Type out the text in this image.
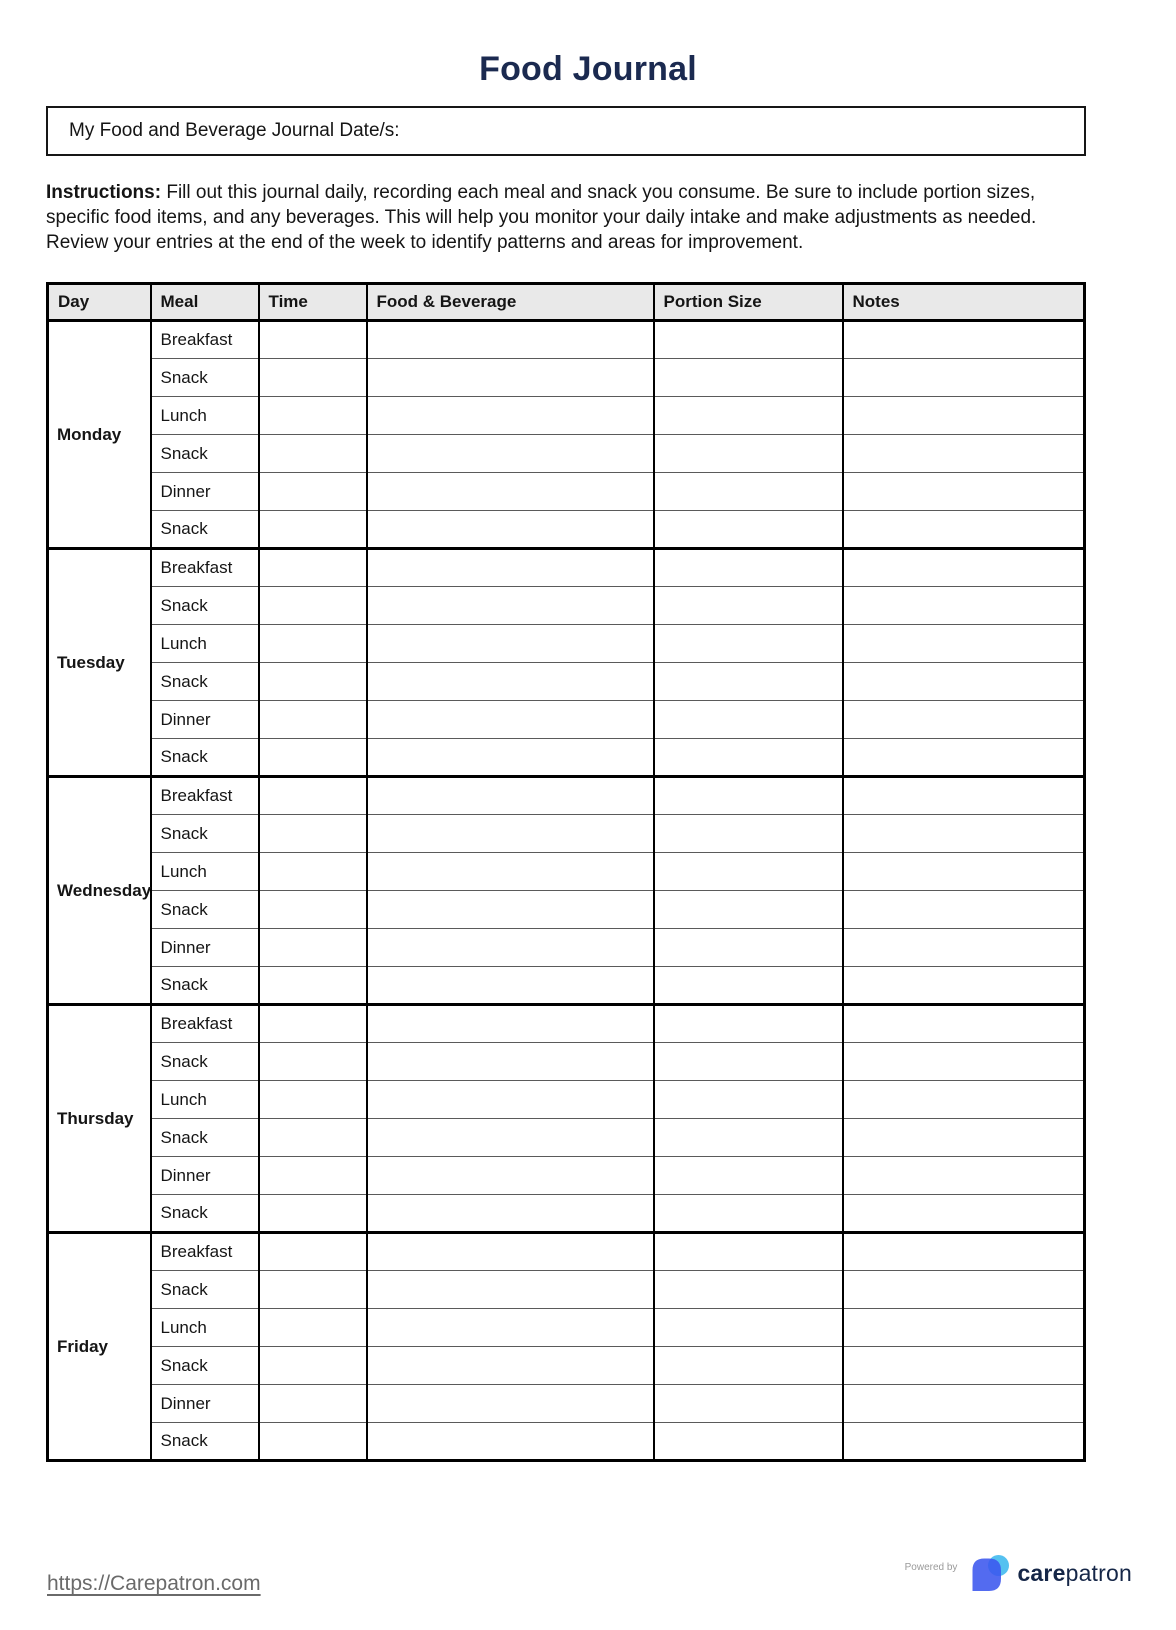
Food Journal
My Food and Beverage Journal Date/s:

Instructions: Fill out this journal daily, recording each meal and snack you consume. Be sure to include portion sizes, specific food items, and any beverages. This will help you monitor your daily intake and make adjustments as needed. Review your entries at the end of the week to identify patterns and areas for improvement.

Day	Meal	Time	Food & Beverage	Portion Size	Notes
Monday	Breakfast				
	Snack				
	Lunch				
	Snack				
	Dinner				
	Snack				
Tuesday	Breakfast				
	Snack				
	Lunch				
	Snack				
	Dinner				
	Snack				
Wednesday	Breakfast				
	Snack				
	Lunch				
	Snack				
	Dinner				
	Snack				
Thursday	Breakfast				
	Snack				
	Lunch				
	Snack				
	Dinner				
	Snack				
Friday	Breakfast				
	Snack				
	Lunch				
	Snack				
	Dinner				
	Snack				
https://Carepatron.com
Powered by	carepatron
